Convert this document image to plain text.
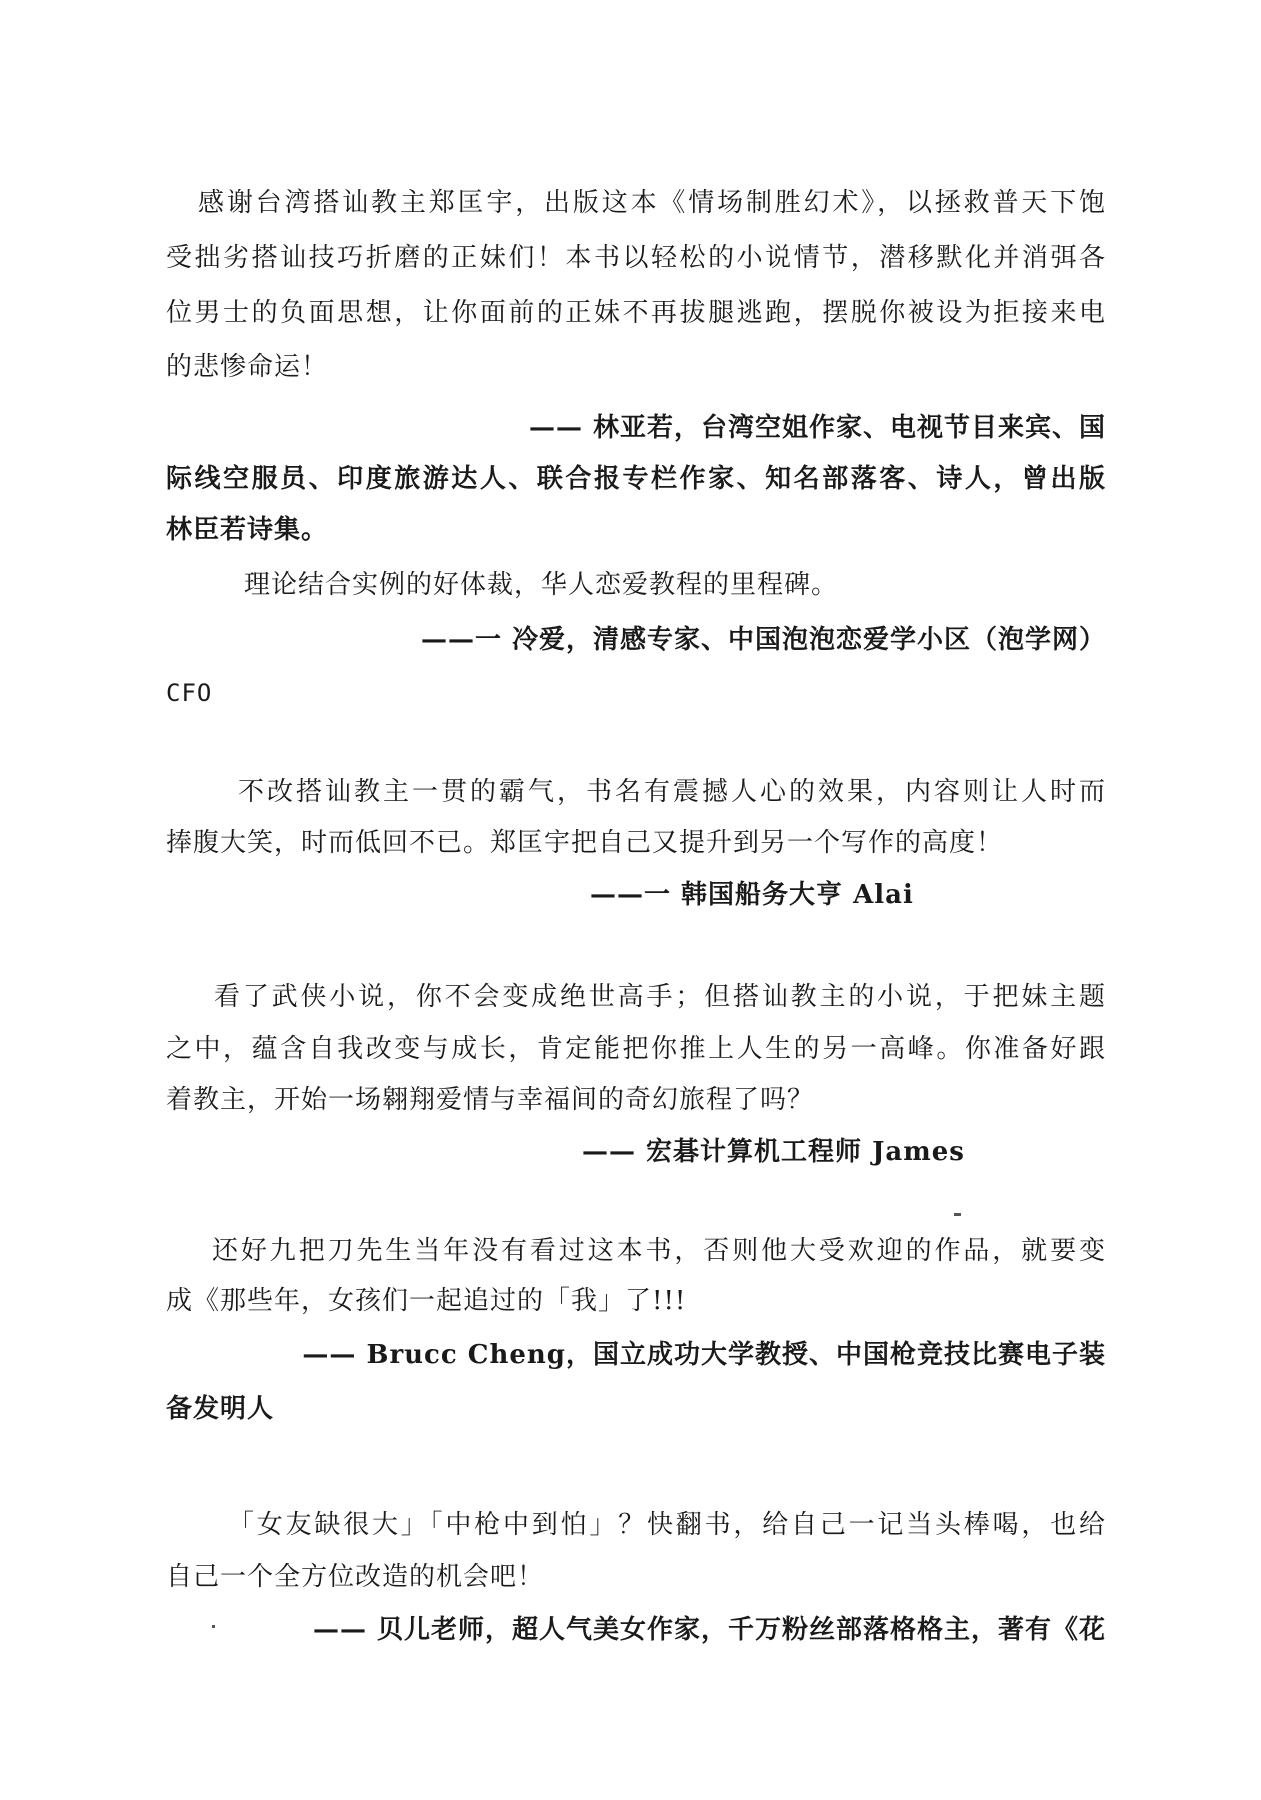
感谢台湾搭讪教主郑匡宇，出版这本《情场制胜幻术》，以拯救普天下饱
受拙劣搭讪技巧折磨的正妹们！本书以轻松的小说情节，潜移默化并消弭各
位男士的负面思想，让你面前的正妹不再拔腿逃跑，摆脱你被设为拒接来电
的悲惨命运！
—— 林亚若，台湾空姐作家、电视节目来宾、国
际线空服员、印度旅游达人、联合报专栏作家、知名部落客、诗人，曾出版
林臣若诗集。
理论结合实例的好体裁，华人恋爱教程的里程碑。
——一 冷爱，清感专家、中国泡泡恋爱学小区（泡学网）
CFO
不改搭讪教主一贯的霸气，书名有震撼人心的效果，内容则让人时而
捧腹大笑，时而低回不已。郑匡宇把自己又提升到另一个写作的高度！
——一 韩国船务大亨 Alai
看了武侠小说，你不会变成绝世高手；但搭讪教主的小说，于把妹主题
之中，蕴含自我改变与成长，肯定能把你推上人生的另一高峰。你准备好跟
着教主，开始一场翱翔爱情与幸福间的奇幻旅程了吗？
—— 宏碁计算机工程师 James
还好九把刀先生当年没有看过这本书，否则他大受欢迎的作品，就要变
成《那些年，女孩们一起追过的「我」了!!!
—— Brucc Cheng，国立成功大学教授、中国枪竞技比赛电子装
备发明人
「女友缺很大」「中枪中到怕」？快翻书，给自己一记当头棒喝，也给
自己一个全方位改造的机会吧！
—— 贝儿老师，超人气美女作家，千万粉丝部落格格主，著有《花
